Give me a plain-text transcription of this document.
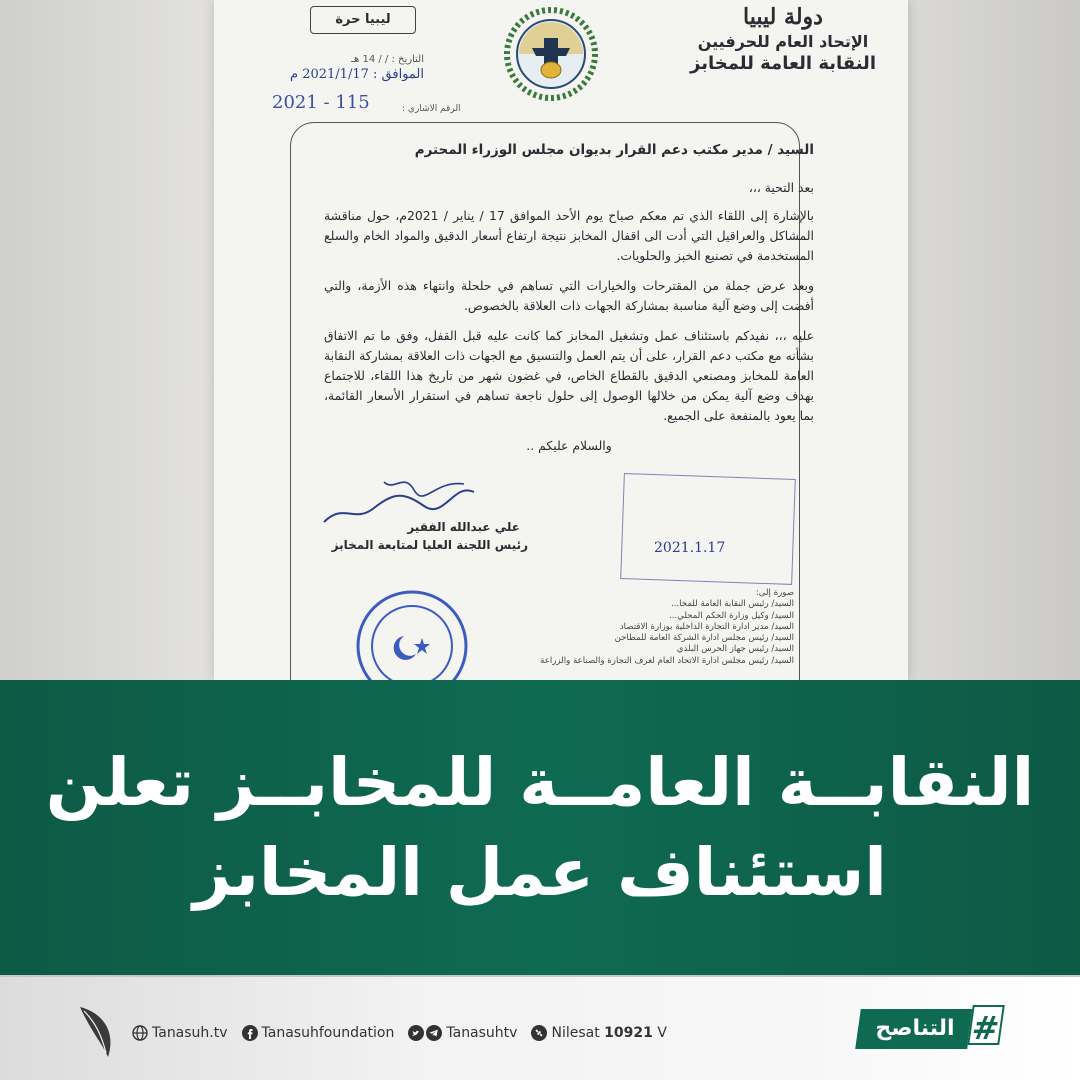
دولة ليبيا
الإتحاد العام للحرفيين
النقابة العامة للمخابز
ليبيا حرة
التاريخ : / / 14 هـ
الموافق : 2021/1/17 م
2021 - 115	الرقم الاشاري :
السيد / مدير مكتب دعم القرار بديوان مجلس الوزراء المحترم
بعد التحية ،،،

بالإشارة إلى اللقاء الذي تم معكم صباح يوم الأحد الموافق 17 / يناير / 2021م، حول مناقشة المشاكل والعراقيل التي أدت الى اقفال المخابز نتيجة ارتفاع أسعار الدقيق والمواد الخام والسلع المستخدمة في تصنيع الخبز والحلويات.

وبعد عرض جملة من المقترحات والخيارات التي تساهم في حلحلة وانتهاء هذه الأزمة، والتي أفضت إلى وضع آلية مناسبة بمشاركة الجهات ذات العلاقة بالخصوص.

عليه ،،، نفيدكم باستئناف عمل وتشغيل المخابز كما كانت عليه قبل القفل، وفق ما تم الاتفاق بشأنه مع مكتب دعم القرار، على أن يتم العمل والتنسيق مع الجهات ذات العلاقة بمشاركة النقابة العامة للمخابز ومصنعي الدقيق بالقطاع الخاص، في غضون شهر من تاريخ هذا اللقاء، للاجتماع بهدف وضع آلية يمكن من خلالها الوصول إلى حلول ناجعة تساهم في استقرار الأسعار القائمة، بما يعود بالمنفعة على الجميع.

والسلام عليكم ..
علي عبدالله الفقير
رئيس اللجنة العليا لمتابعة المخابز	2021.1.17
صورة إلى:
السيد/ رئيس النقابة العامة للمخا...
السيد/ وكيل وزارة الحكم المحلي...
السيد/ مدير ادارة التجارة الداخلية بوزارة الاقتصاد
السيد/ رئيس مجلس ادارة الشركة العامة للمطاحن
السيد/ رئيس جهاز الحرس البلدي
السيد/ رئيس مجلس ادارة الاتحاد العام لغرف التجارة والصناعة والزراعة
النقابــة العامــة للمخابــز تعلن
استئناف عمل المخابز
Tanasuh.tv Tanasuhfoundation	Tanasuhtv Nilesat
10921
V	التناصح #
